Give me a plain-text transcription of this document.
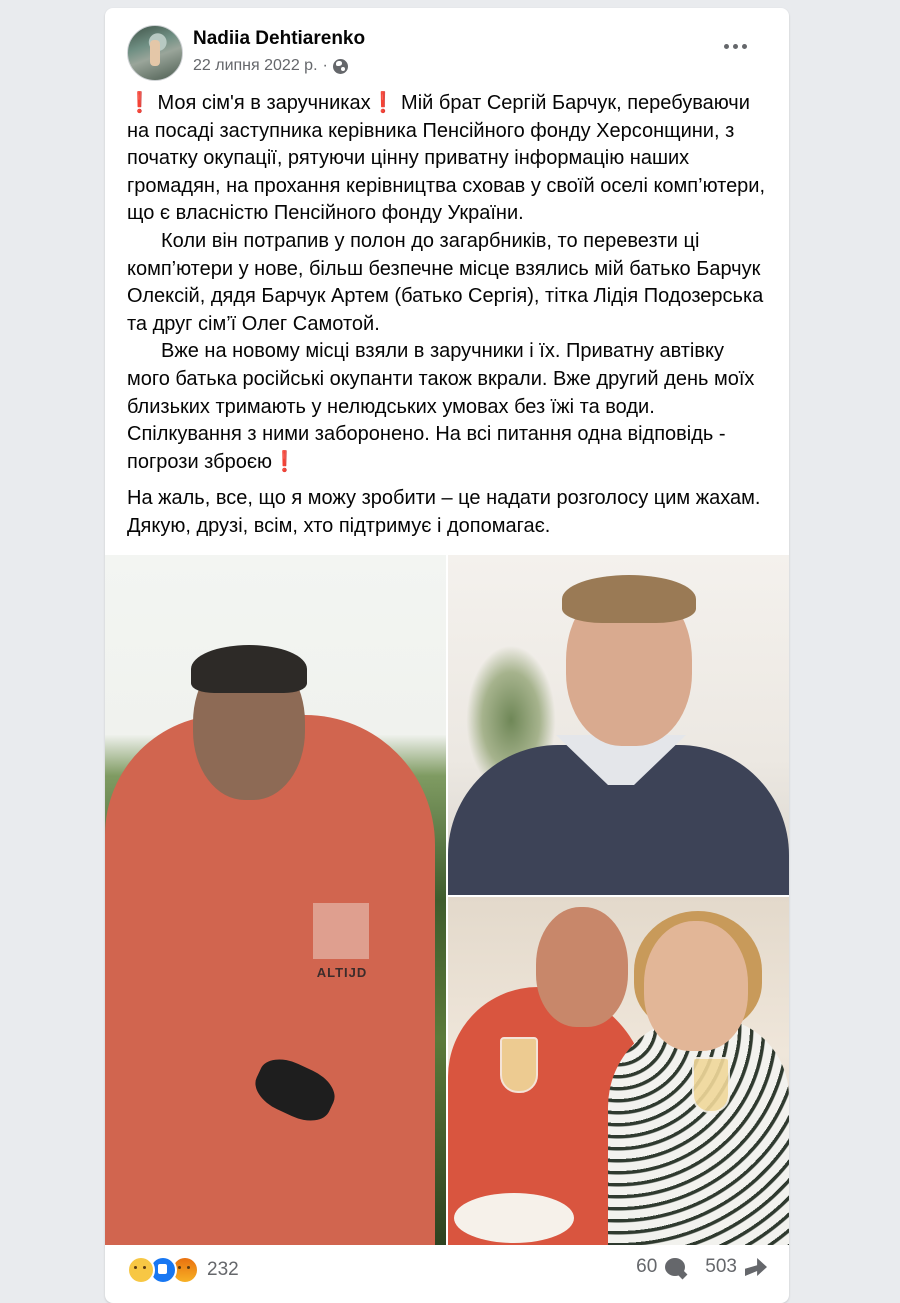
Nadiia Dehtiarenko
22 липня 2022 р. ·

❗ Моя сім'я в заручниках❗ Мій брат Сергій Барчук, перебуваючи на посаді заступника керівника Пенсійного фонду Херсонщини, з початку окупації, рятуючи цінну приватну інформацію наших громадян, на прохання керівництва сховав у своїй оселі комп’ютери, що є власністю Пенсійного фонду України.
Коли він потрапив у полон до загарбників, то перевезти ці комп’ютери у нове, більш безпечне місце взялись мій батько Барчук Олексій, дядя Барчук Артем (батько Сергія), тітка Лідія Подозерська та друг сім’ї Олег Самотой.
Вже на новому місці взяли в заручники і їх. Приватну автівку мого батька російські окупанти також вкрали. Вже другий день моїх близьких тримають у нелюдських умовах без їжі та води. Спілкування з ними заборонено. На всі питання одна відповідь - погрози зброєю❗

На жаль, все, що я можу зробити – це надати розголосу цим жахам. Дякую, друзі, всім, хто підтримує і допомагає.

ALTIJD
232	60	503
